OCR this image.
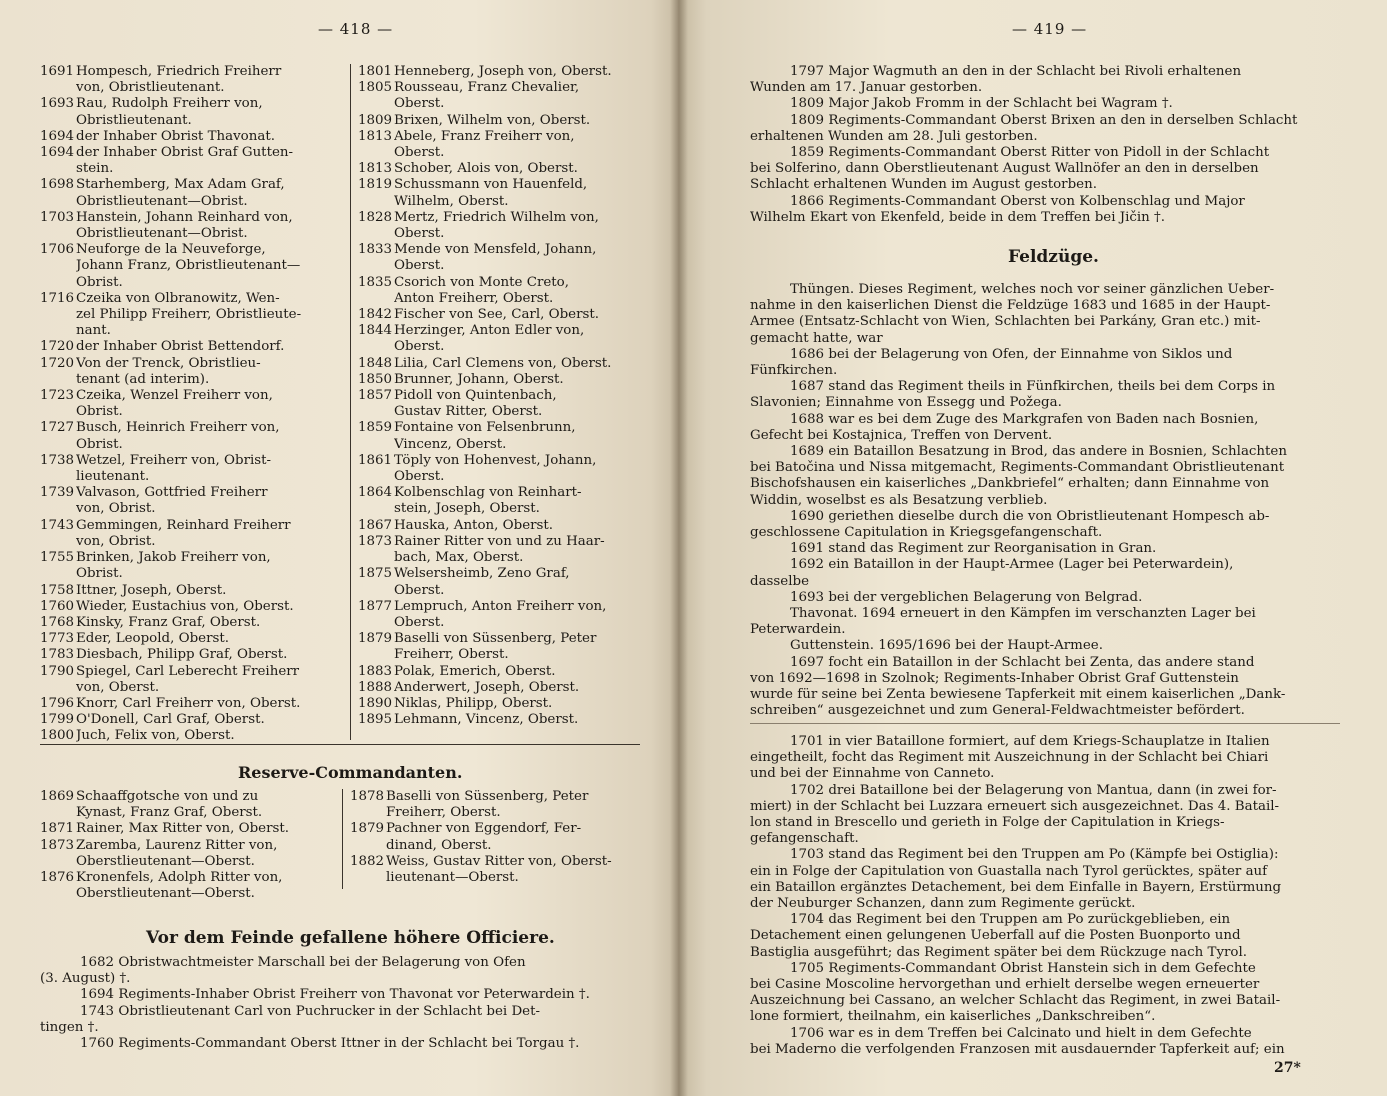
— 418 —
1691 Hompesch, Friedrich Freiherr
von, Obristlieutenant.
1693 Rau, Rudolph Freiherr von,
Obristlieutenant.
1694 der Inhaber Obrist Thavonat.
1694 der Inhaber Obrist Graf Gutten-
stein.
1698 Starhemberg, Max Adam Graf,
Obristlieutenant—Obrist.
1703 Hanstein, Johann Reinhard von,
Obristlieutenant—Obrist.
1706 Neuforge de la Neuveforge,
Johann Franz, Obristlieutenant—
Obrist.
1716 Czeika von Olbranowitz, Wen-
zel Philipp Freiherr, Obristlieute-
nant.
1720 der Inhaber Obrist Bettendorf.
1720 Von der Trenck, Obristlieu-
tenant (ad interim).
1723 Czeika, Wenzel Freiherr von,
Obrist.
1727 Busch, Heinrich Freiherr von,
Obrist.
1738 Wetzel, Freiherr von, Obrist-
lieutenant.
1739 Valvason, Gottfried Freiherr
von, Obrist.
1743 Gemmingen, Reinhard Freiherr
von, Obrist.
1755 Brinken, Jakob Freiherr von,
Obrist.
1758 Ittner, Joseph, Oberst.
1760 Wieder, Eustachius von, Oberst.
1768 Kinsky, Franz Graf, Oberst.
1773 Eder, Leopold, Oberst.
1783 Diesbach, Philipp Graf, Oberst.
1790 Spiegel, Carl Leberecht Freiherr
von, Oberst.
1796 Knorr, Carl Freiherr von, Oberst.
1799 O'Donell, Carl Graf, Oberst.
1800 Juch, Felix von, Oberst.
1801 Henneberg, Joseph von, Oberst.
1805 Rousseau, Franz Chevalier,
Oberst.
1809 Brixen, Wilhelm von, Oberst.
1813 Abele, Franz Freiherr von,
Oberst.
1813 Schober, Alois von, Oberst.
1819 Schussmann von Hauenfeld,
Wilhelm, Oberst.
1828 Mertz, Friedrich Wilhelm von,
Oberst.
1833 Mende von Mensfeld, Johann,
Oberst.
1835 Csorich von Monte Creto,
Anton Freiherr, Oberst.
1842 Fischer von See, Carl, Oberst.
1844 Herzinger, Anton Edler von,
Oberst.
1848 Lilia, Carl Clemens von, Oberst.
1850 Brunner, Johann, Oberst.
1857 Pidoll von Quintenbach,
Gustav Ritter, Oberst.
1859 Fontaine von Felsenbrunn,
Vincenz, Oberst.
1861 Töply von Hohenvest, Johann,
Oberst.
1864 Kolbenschlag von Reinhart-
stein, Joseph, Oberst.
1867 Hauska, Anton, Oberst.
1873 Rainer Ritter von und zu Haar-
bach, Max, Oberst.
1875 Welsersheimb, Zeno Graf,
Oberst.
1877 Lempruch, Anton Freiherr von,
Oberst.
1879 Baselli von Süssenberg, Peter
Freiherr, Oberst.
1883 Polak, Emerich, Oberst.
1888 Anderwert, Joseph, Oberst.
1890 Niklas, Philipp, Oberst.
1895 Lehmann, Vincenz, Oberst.
Reserve-Commandanten.
1869 Schaaffgotsche von und zu
Kynast, Franz Graf, Oberst.
1871 Rainer, Max Ritter von, Oberst.
1873 Zaremba, Laurenz Ritter von,
Oberstlieutenant—Oberst.
1876 Kronenfels, Adolph Ritter von,
Oberstlieutenant—Oberst.
1878 Baselli von Süssenberg, Peter
Freiherr, Oberst.
1879 Pachner von Eggendorf, Fer-
dinand, Oberst.
1882 Weiss, Gustav Ritter von, Oberst-
lieutenant—Oberst.
Vor dem Feinde gefallene höhere Officiere.

1682 Obristwachtmeister Marschall bei der Belagerung von Ofen

(3. August) †.

1694 Regiments-Inhaber Obrist Freiherr von Thavonat vor Peterwardein †.

1743 Obristlieutenant Carl von Puchrucker in der Schlacht bei Det-

tingen †.

1760 Regiments-Commandant Oberst Ittner in der Schlacht bei Torgau †.

— 419 —

1797 Major Wagmuth an den in der Schlacht bei Rivoli erhaltenen

Wunden am 17. Januar gestorben.

1809 Major Jakob Fromm in der Schlacht bei Wagram †.

1809 Regiments-Commandant Oberst Brixen an den in derselben Schlacht

erhaltenen Wunden am 28. Juli gestorben.

1859 Regiments-Commandant Oberst Ritter von Pidoll in der Schlacht

bei Solferino, dann Oberstlieutenant August Wallnöfer an den in derselben

Schlacht erhaltenen Wunden im August gestorben.

1866 Regiments-Commandant Oberst von Kolbenschlag und Major

Wilhelm Ekart von Ekenfeld, beide in dem Treffen bei Jičin †.

Feldzüge.

Thüngen. Dieses Regiment, welches noch vor seiner gänzlichen Ueber-

nahme in den kaiserlichen Dienst die Feldzüge 1683 und 1685 in der Haupt-

Armee (Entsatz-Schlacht von Wien, Schlachten bei Parkány, Gran etc.) mit-

gemacht hatte, war

1686 bei der Belagerung von Ofen, der Einnahme von Siklos und

Fünfkirchen.

1687 stand das Regiment theils in Fünfkirchen, theils bei dem Corps in

Slavonien; Einnahme von Essegg und Požega.

1688 war es bei dem Zuge des Markgrafen von Baden nach Bosnien,

Gefecht bei Kostajnica, Treffen von Dervent.

1689 ein Bataillon Besatzung in Brod, das andere in Bosnien, Schlachten

bei Batočina und Nissa mitgemacht, Regiments-Commandant Obristlieutenant

Bischofshausen ein kaiserliches „Dankbriefel“ erhalten; dann Einnahme von

Widdin, woselbst es als Besatzung verblieb.

1690 geriethen dieselbe durch die von Obristlieutenant Hompesch ab-

geschlossene Capitulation in Kriegsgefangenschaft.

1691 stand das Regiment zur Reorganisation in Gran.

1692 ein Bataillon in der Haupt-Armee (Lager bei Peterwardein),

dasselbe

1693 bei der vergeblichen Belagerung von Belgrad.

Thavonat. 1694 erneuert in den Kämpfen im verschanzten Lager bei

Peterwardein.

Guttenstein. 1695/1696 bei der Haupt-Armee.

1697 focht ein Bataillon in der Schlacht bei Zenta, das andere stand

von 1692—1698 in Szolnok; Regiments-Inhaber Obrist Graf Guttenstein

wurde für seine bei Zenta bewiesene Tapferkeit mit einem kaiserlichen „Dank-

schreiben“ ausgezeichnet und zum General-Feldwachtmeister befördert.

1701 in vier Bataillone formiert, auf dem Kriegs-Schauplatze in Italien

eingetheilt, focht das Regiment mit Auszeichnung in der Schlacht bei Chiari

und bei der Einnahme von Canneto.

1702 drei Bataillone bei der Belagerung von Mantua, dann (in zwei for-

miert) in der Schlacht bei Luzzara erneuert sich ausgezeichnet. Das 4. Batail-

lon stand in Brescello und gerieth in Folge der Capitulation in Kriegs-

gefangenschaft.

1703 stand das Regiment bei den Truppen am Po (Kämpfe bei Ostiglia):

ein in Folge der Capitulation von Guastalla nach Tyrol gerücktes, später auf

ein Bataillon ergänztes Detachement, bei dem Einfalle in Bayern, Erstürmung

der Neuburger Schanzen, dann zum Regimente gerückt.

1704 das Regiment bei den Truppen am Po zurückgeblieben, ein

Detachement einen gelungenen Ueberfall auf die Posten Buonporto und

Bastiglia ausgeführt; das Regiment später bei dem Rückzuge nach Tyrol.

1705 Regiments-Commandant Obrist Hanstein sich in dem Gefechte

bei Casine Moscoline hervorgethan und erhielt derselbe wegen erneuerter

Auszeichnung bei Cassano, an welcher Schlacht das Regiment, in zwei Batail-

lone formiert, theilnahm, ein kaiserliches „Dankschreiben“.

1706 war es in dem Treffen bei Calcinato und hielt in dem Gefechte

bei Maderno die verfolgenden Franzosen mit ausdauernder Tapferkeit auf; ein

27*
